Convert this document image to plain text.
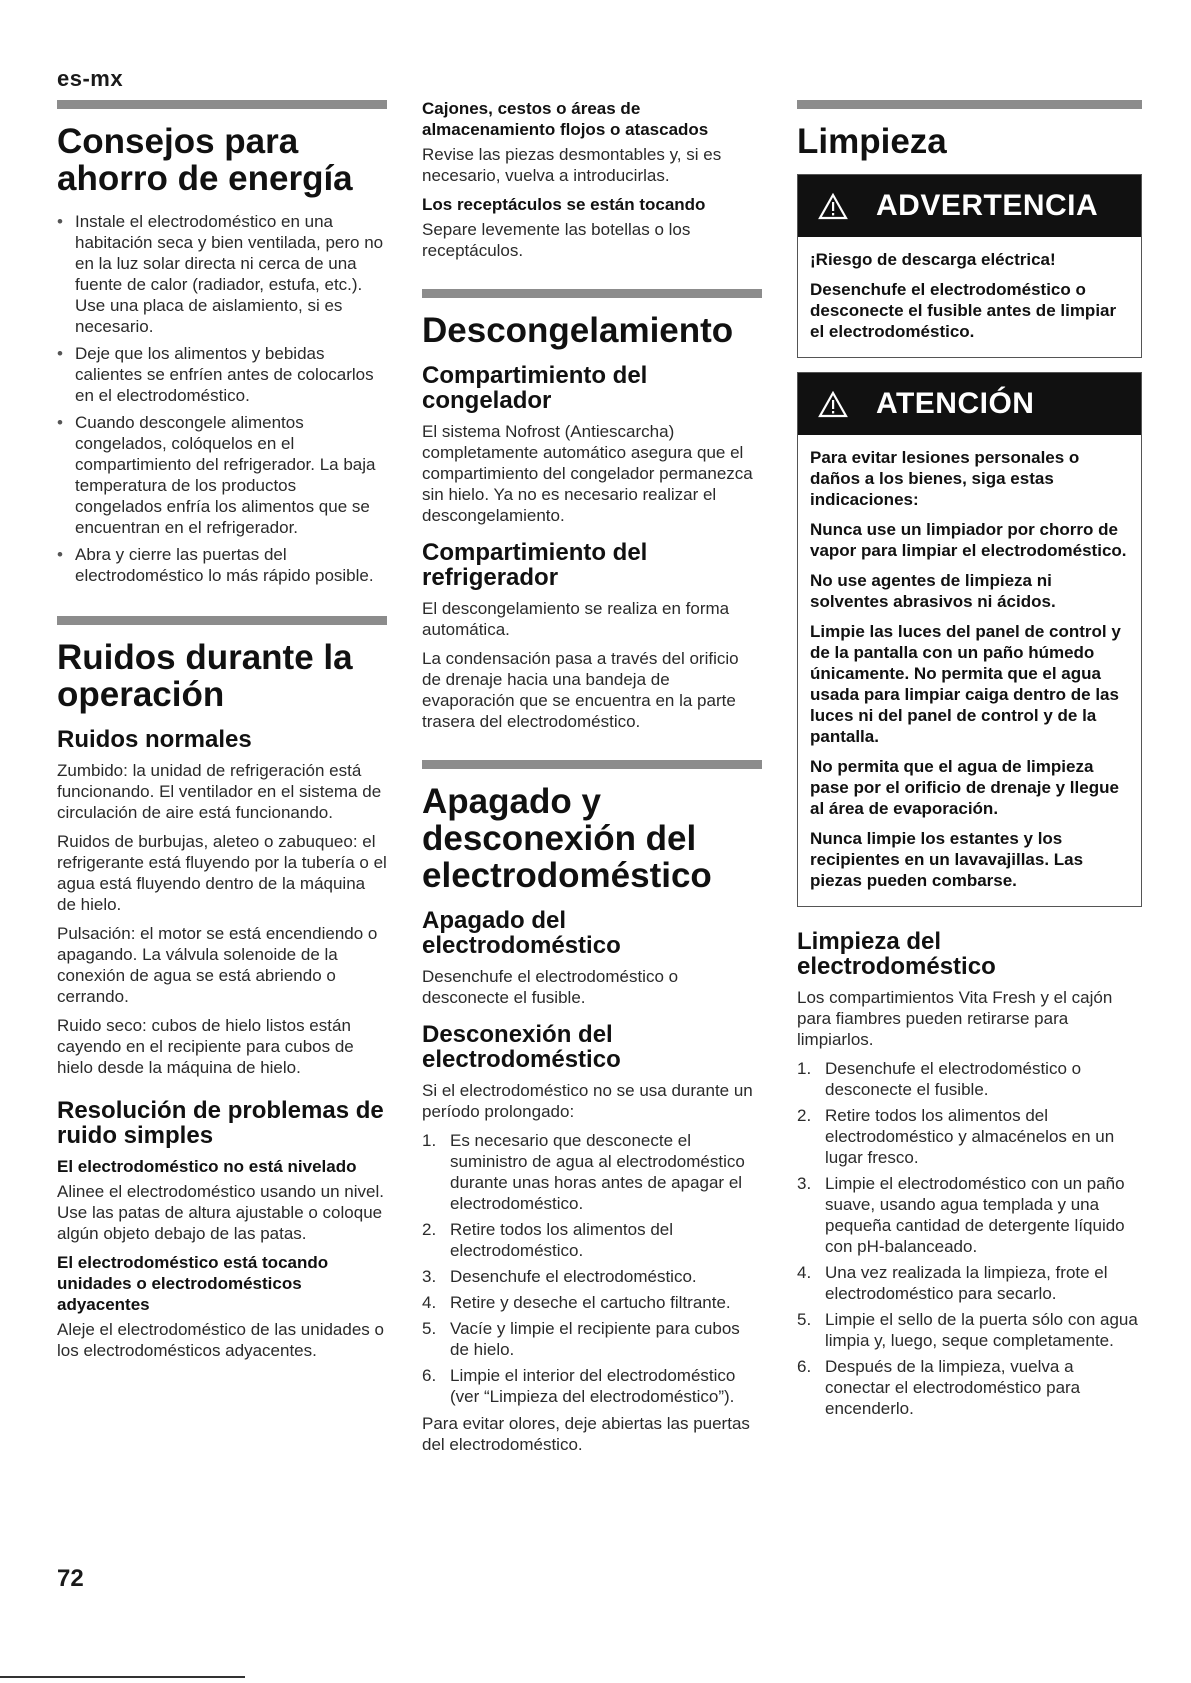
es-mx
Consejos para ahorro de energía
• Instale el electrodoméstico en una habitación seca y bien ventilada, pero no en la luz solar directa ni cerca de una fuente de calor (radiador, estufa, etc.). Use una placa de aislamiento, si es necesario.
• Deje que los alimentos y bebidas calientes se enfríen antes de colocarlos en el electrodoméstico.
• Cuando descongele alimentos congelados, colóquelos en el compartimiento del refrigerador. La baja temperatura de los productos congelados enfría los alimentos que se encuentran en el refrigerador.
• Abra y cierre las puertas del electrodoméstico lo más rápido posible.
Ruidos durante la operación
Ruidos normales

Zumbido: la unidad de refrigeración está funcionando. El ventilador en el sistema de circulación de aire está funcionando.

Ruidos de burbujas, aleteo o zabuqueo: el refrigerante está fluyendo por la tubería o el agua está fluyendo dentro de la máquina de hielo.

Pulsación: el motor se está encendiendo o apagando. La válvula solenoide de la conexión de agua se está abriendo o cerrando.

Ruido seco: cubos de hielo listos están cayendo en el recipiente para cubos de hielo desde la máquina de hielo.

Resolución de problemas de ruido simples
El electrodoméstico no está nivelado

Alinee el electrodoméstico usando un nivel. Use las patas de altura ajustable o coloque algún objeto debajo de las patas.

El electrodoméstico está tocando unidades o electrodomésticos adyacentes

Aleje el electrodoméstico de las unidades o los electrodomésticos adyacentes.

Cajones, cestos o áreas de almacenamiento flojos o atascados

Revise las piezas desmontables y, si es necesario, vuelva a introducirlas.

Los receptáculos se están tocando

Separe levemente las botellas o los receptáculos.

Descongelamiento
Compartimiento del congelador

El sistema Nofrost (Antiescarcha) completamente automático asegura que el compartimiento del congelador permanezca sin hielo. Ya no es necesario realizar el descongelamiento.

Compartimiento del refrigerador

El descongelamiento se realiza en forma automática.

La condensación pasa a través del orificio de drenaje hacia una bandeja de evaporación que se encuentra en la parte trasera del electrodoméstico.

Apagado y desconexión del electrodoméstico
Apagado del electrodoméstico

Desenchufe el electrodoméstico o desconecte el fusible.

Desconexión del electrodoméstico

Si el electrodoméstico no se usa durante un período prolongado:

1. Es necesario que desconecte el suministro de agua al electrodoméstico durante unas horas antes de apagar el electrodoméstico.
2. Retire todos los alimentos del electrodoméstico.
3. Desenchufe el electrodoméstico.
4. Retire y deseche el cartucho filtrante.
5. Vacíe y limpie el recipiente para cubos de hielo.
6. Limpie el interior del electrodoméstico (ver “Limpieza del electrodoméstico”).

Para evitar olores, deje abiertas las puertas del electrodoméstico.

Limpieza
ADVERTENCIA

¡Riesgo de descarga eléctrica!

Desenchufe el electrodoméstico o desconecte el fusible antes de limpiar el electrodoméstico.

ATENCIÓN

Para evitar lesiones personales o daños a los bienes, siga estas indicaciones:

Nunca use un limpiador por chorro de vapor para limpiar el electrodoméstico.

No use agentes de limpieza ni solventes abrasivos ni ácidos.

Limpie las luces del panel de control y de la pantalla con un paño húmedo únicamente. No permita que el agua usada para limpiar caiga dentro de las luces ni del panel de control y de la pantalla.

No permita que el agua de limpieza pase por el orificio de drenaje y llegue al área de evaporación.

Nunca limpie los estantes y los recipientes en un lavavajillas. Las piezas pueden combarse.

Limpieza del electrodoméstico

Los compartimientos Vita Fresh y el cajón para fiambres pueden retirarse para limpiarlos.

1. Desenchufe el electrodoméstico o desconecte el fusible.
2. Retire todos los alimentos del electrodoméstico y almacénelos en un lugar fresco.
3. Limpie el electrodoméstico con un paño suave, usando agua templada y una pequeña cantidad de detergente líquido con pH-balanceado.
4. Una vez realizada la limpieza, frote el electrodoméstico para secarlo.
5. Limpie el sello de la puerta sólo con agua limpia y, luego, seque completamente.
6. Después de la limpieza, vuelva a conectar el electrodoméstico para encenderlo.
72
